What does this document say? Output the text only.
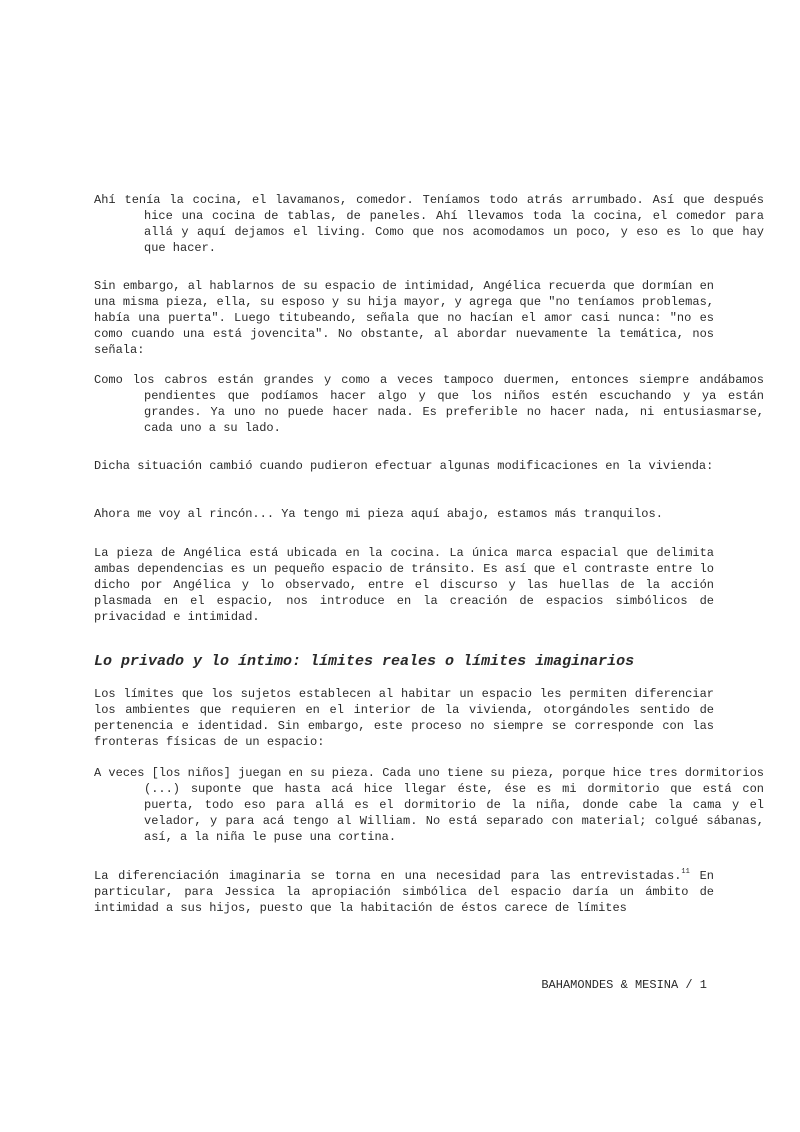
Ahí tenía la cocina, el lavamanos, comedor. Teníamos todo atrás arrumbado. Así que después hice una cocina de tablas, de paneles. Ahí llevamos toda la cocina, el comedor para allá y aquí dejamos el living. Como que nos acomodamos un poco, y eso es lo que hay que hacer.

Sin embargo, al hablarnos de su espacio de intimidad, Angélica recuerda que dormían en una misma pieza, ella, su esposo y su hija mayor, y agrega que "no teníamos problemas, había una puerta". Luego titubeando, señala que no hacían el amor casi nunca: "no es como cuando una está jovencita". No obstante, al abordar nuevamente la temática, nos señala:

Como los cabros están grandes y como a veces tampoco duermen, entonces siempre andábamos pendientes que podíamos hacer algo y que los niños estén escuchando y ya están grandes. Ya uno no puede hacer nada. Es preferible no hacer nada, ni entusiasmarse, cada uno a su lado.

Dicha situación cambió cuando pudieron efectuar algunas modificaciones en la vivienda:

Ahora me voy al rincón... Ya tengo mi pieza aquí abajo, estamos más tranquilos.

La pieza de Angélica está ubicada en la cocina. La única marca espacial que delimita ambas dependencias es un pequeño espacio de tránsito. Es así que el contraste entre lo dicho por Angélica y lo observado, entre el discurso y las huellas de la acción plasmada en el espacio, nos introduce en la creación de espacios simbólicos de privacidad e intimidad.

Lo privado y lo íntimo: límites reales o límites imaginarios

Los límites que los sujetos establecen al habitar un espacio les permiten diferenciar los ambientes que requieren en el interior de la vivienda, otorgándoles sentido de pertenencia e identidad. Sin embargo, este proceso no siempre se corresponde con las fronteras físicas de un espacio:

A veces [los niños] juegan en su pieza. Cada uno tiene su pieza, porque hice tres dormitorios (...) suponte que hasta acá hice llegar éste, ése es mi dormitorio que está con puerta, todo eso para allá es el dormitorio de la niña, donde cabe la cama y el velador, y para acá tengo al William. No está separado con material; colgué sábanas, así, a la niña le puse una cortina.

La diferenciación imaginaria se torna en una necesidad para las entrevistadas.$^{11}$ En particular, para Jessica la apropiación simbólica del espacio daría un ámbito de intimidad a sus hijos, puesto que la habitación de éstos carece de límites

BAHAMONDES & MESINA / 1
